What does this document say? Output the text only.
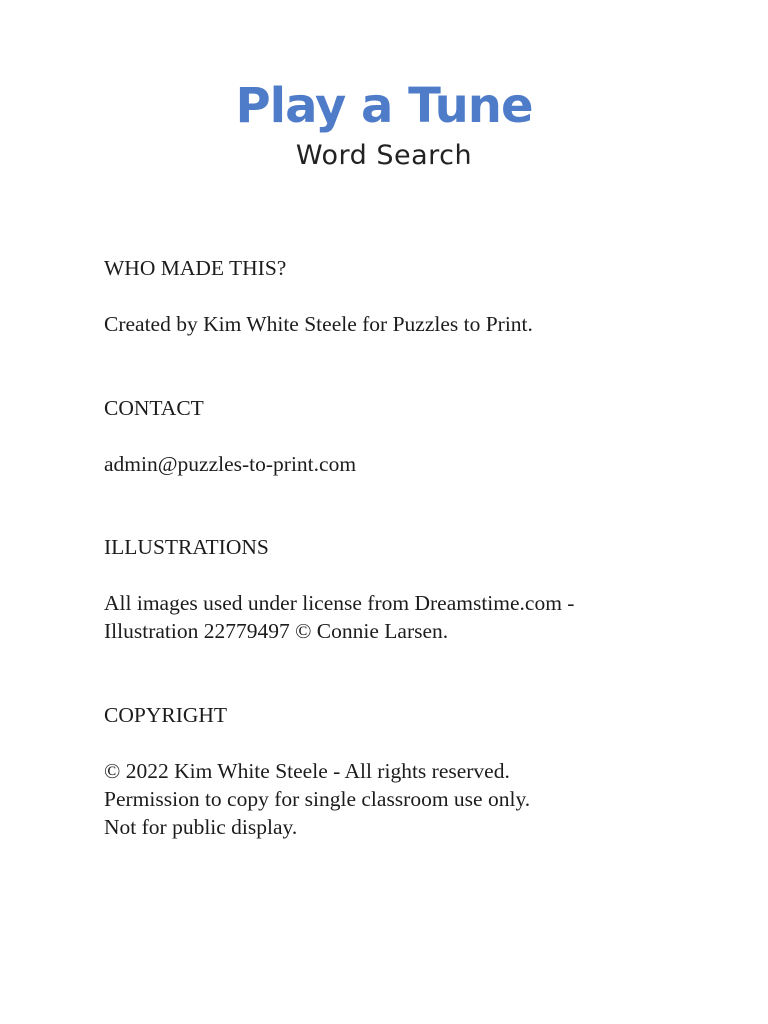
Play a Tune
Word Search
WHO MADE THIS?
Created by Kim White Steele for Puzzles to Print.
CONTACT
admin@puzzles-to-print.com
ILLUSTRATIONS
All images used under license from Dreamstime.com -
Illustration 22779497 © Connie Larsen.
COPYRIGHT
© 2022 Kim White Steele - All rights reserved.
Permission to copy for single classroom use only.
Not for public display.
